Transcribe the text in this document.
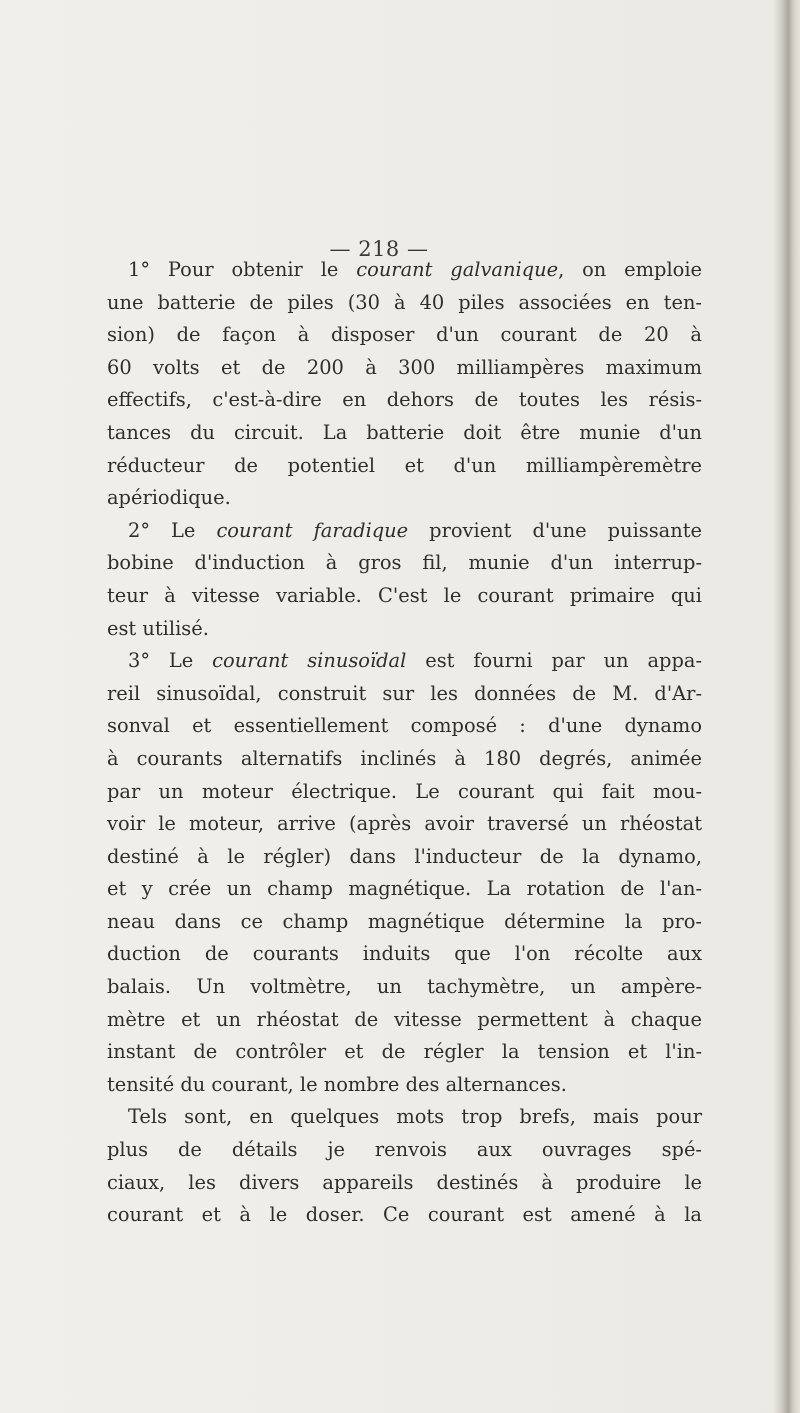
— 218 —

1° Pour obtenir le courant galvanique, on emploie
une batterie de piles (30 à 40 piles associées en ten-
sion) de façon à disposer d'un courant de 20 à
60 volts et de 200 à 300 milliampères maximum
effectifs, c'est-à-dire en dehors de toutes les résis-
tances du circuit. La batterie doit être munie d'un
réducteur de potentiel et d'un milliampèremètre
apériodique.

2° Le courant faradique provient d'une puissante
bobine d'induction à gros fil, munie d'un interrup-
teur à vitesse variable. C'est le courant primaire qui
est utilisé.

3° Le courant sinusoïdal est fourni par un appa-
reil sinusoïdal, construit sur les données de M. d'Ar-
sonval et essentiellement composé : d'une dynamo
à courants alternatifs inclinés à 180 degrés, animée
par un moteur électrique. Le courant qui fait mou-
voir le moteur, arrive (après avoir traversé un rhéostat
destiné à le régler) dans l'inducteur de la dynamo,
et y crée un champ magnétique. La rotation de l'an-
neau dans ce champ magnétique détermine la pro-
duction de courants induits que l'on récolte aux
balais. Un voltmètre, un tachymètre, un ampère-
mètre et un rhéostat de vitesse permettent à chaque
instant de contrôler et de régler la tension et l'in-
tensité du courant, le nombre des alternances.

Tels sont, en quelques mots trop brefs, mais pour
plus de détails je renvois aux ouvrages spé-
ciaux, les divers appareils destinés à produire le
courant et à le doser. Ce courant est amené à la
